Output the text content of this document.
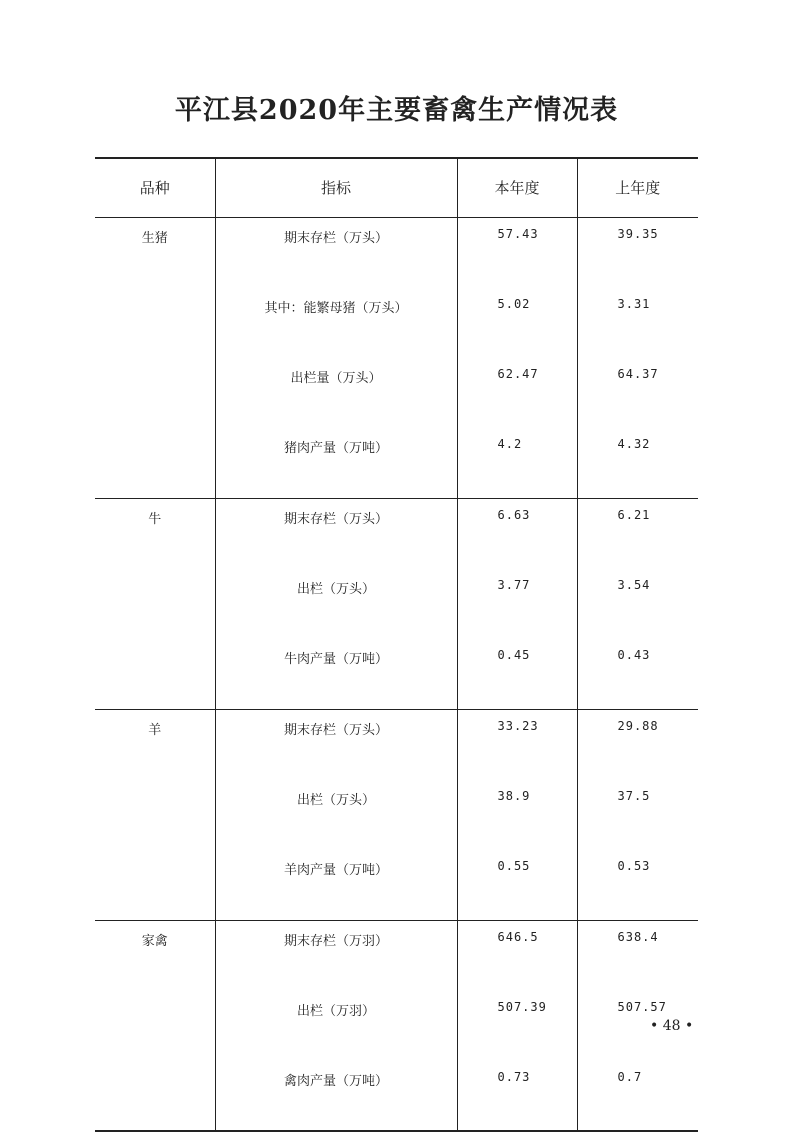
平江县2020年主要畜禽生产情况表
品种	指标	本年度	上年度
生猪	期末存栏（万头）	57.43	39.35
	其中：能繁母猪（万头）	5.02	3.31
	出栏量（万头）	62.47	64.37
	猪肉产量（万吨）	4.2	4.32
牛	期末存栏（万头）	6.63	6.21
	出栏（万头）	3.77	3.54
	牛肉产量（万吨）	0.45	0.43
羊	期末存栏（万头）	33.23	29.88
	出栏（万头）	38.9	37.5
	羊肉产量（万吨）	0.55	0.53
家禽	期末存栏（万羽）	646.5	638.4
	出栏（万羽）	507.39	507.57
	禽肉产量（万吨）	0.73	0.7
• 48 •
